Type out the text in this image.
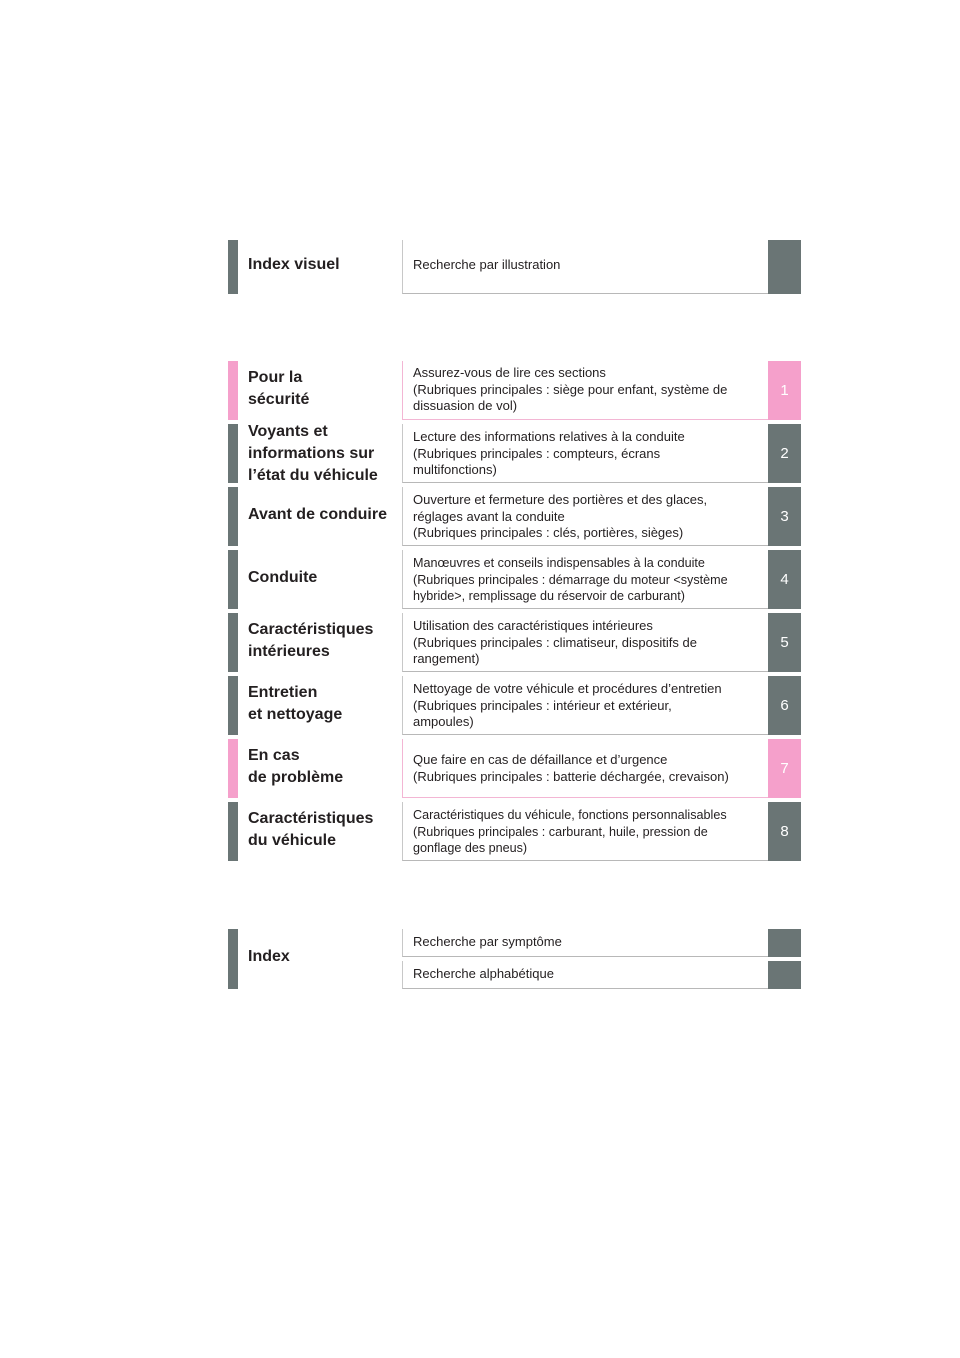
Index visuel	Recherche par illustration
Pour la
sécurité
Assurez-vous de lire ces sections
(Rubriques principales : siège pour enfant, système de
dissuasion de vol)
1
Voyants et
informations sur
l’état du véhicule
Lecture des informations relatives à la conduite
(Rubriques principales : compteurs, écrans
multifonctions)
2
Avant de conduire
Ouverture et fermeture des portières et des glaces,
réglages avant la conduite
(Rubriques principales : clés, portières, sièges)
3
Conduite
Manœuvres et conseils indispensables à la conduite
(Rubriques principales : démarrage du moteur <système
hybride>, remplissage du réservoir de carburant)
4
Caractéristiques
intérieures
Utilisation des caractéristiques intérieures
(Rubriques principales : climatiseur, dispositifs de
rangement)
5
Entretien
et nettoyage
Nettoyage de votre véhicule et procédures d’entretien
(Rubriques principales : intérieur et extérieur,
ampoules)
6
En cas
de problème
Que faire en cas de défaillance et d’urgence
(Rubriques principales : batterie déchargée, crevaison)	7
Caractéristiques
du véhicule
Caractéristiques du véhicule, fonctions personnalisables
(Rubriques principales : carburant, huile, pression de
gonflage des pneus)
8
Index
Recherche par symptôme
Recherche alphabétique
